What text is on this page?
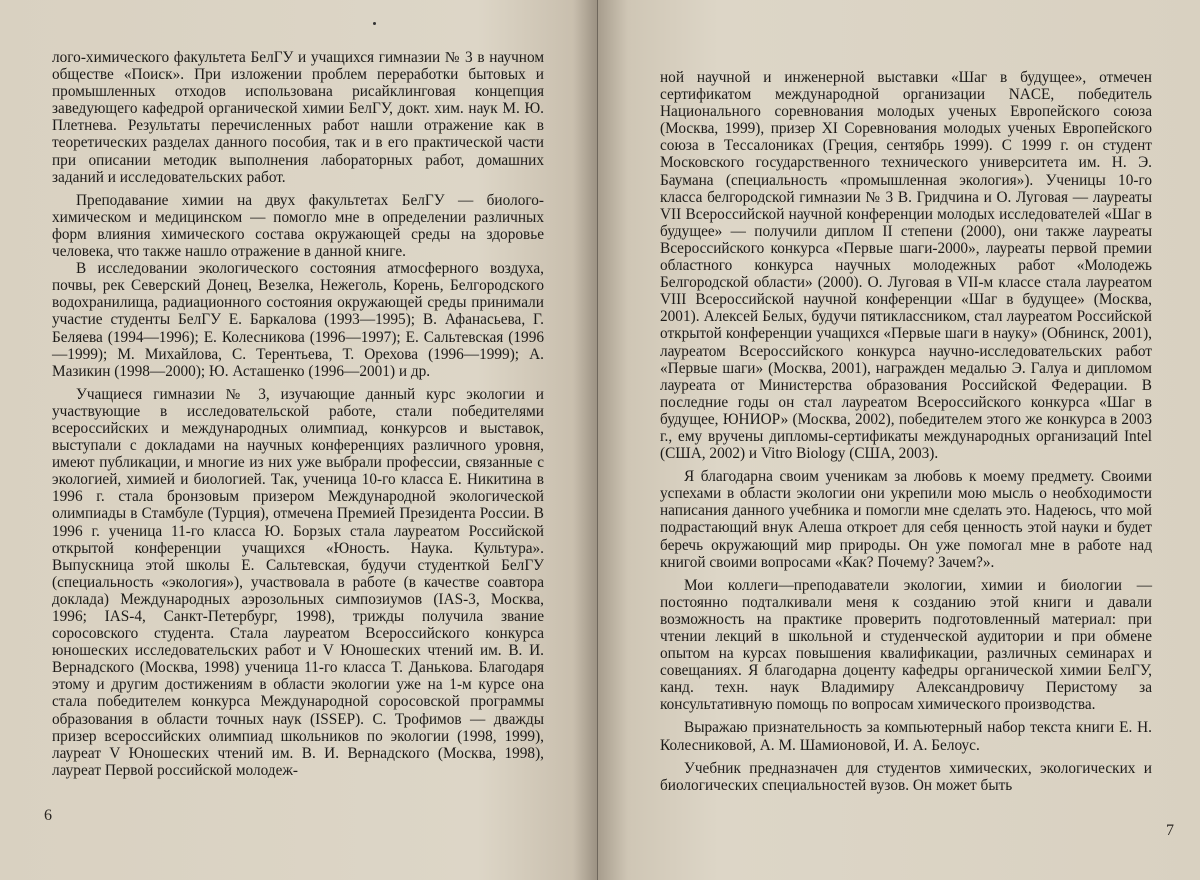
лого-химического факультета БелГУ и учащихся гимназии № 3 в научном обществе «Поиск». При изложении проблем переработки бытовых и промышленных отходов использована рисайклинговая концепция заведующего кафедрой органической химии БелГУ, докт. хим. наук М. Ю. Плетнева. Результаты перечисленных работ нашли отражение как в теоретических разделах данного пособия, так и в его практической части при описании методик выполнения лабораторных работ, домашних заданий и исследовательских работ.

Преподавание химии на двух факультетах БелГУ — биолого-химическом и медицинском — помогло мне в определении различных форм влияния химического состава окружающей среды на здоровье человека, что также нашло отражение в данной книге.

В исследовании экологического состояния атмосферного воздуха, почвы, рек Северский Донец, Везелка, Нежеголь, Корень, Белгородского водохранилища, радиационного состояния окружающей среды принимали участие студенты БелГУ Е. Баркалова (1993—1995); В. Афанасьева, Г. Беляева (1994—1996); Е. Колесникова (1996—1997); Е. Сальтевская (1996—1999); М. Михайлова, С. Терентьева, Т. Орехова (1996—1999); А. Мазикин (1998—2000); Ю. Асташенко (1996—2001) и др.

Учащиеся гимназии № 3, изучающие данный курс экологии и участвующие в исследовательской работе, стали победителями всероссийских и международных олимпиад, конкурсов и выставок, выступали с докладами на научных конференциях различного уровня, имеют публикации, и многие из них уже выбрали профессии, связанные с экологией, химией и биологией. Так, ученица 10-го класса Е. Никитина в 1996 г. стала бронзовым призером Международной экологической олимпиады в Стамбуле (Турция), отмечена Премией Президента России. В 1996 г. ученица 11-го класса Ю. Борзых стала лауреатом Российской открытой конференции учащихся «Юность. Наука. Культура». Выпускница этой школы Е. Сальтевская, будучи студенткой БелГУ (специальность «экология»), участвовала в работе (в качестве соавтора доклада) Международных аэрозольных симпозиумов (IAS-3, Москва, 1996; IAS-4, Санкт-Петербург, 1998), трижды получила звание соросовского студента. Стала лауреатом Всероссийского конкурса юношеских исследовательских работ и V Юношеских чтений им. В. И. Вернадского (Москва, 1998) ученица 11-го класса Т. Данькова. Благодаря этому и другим достижениям в области экологии уже на 1-м курсе она стала победителем конкурса Международной соросовской программы образования в области точных наук (ISSEP). С. Трофимов — дважды призер всероссийских олимпиад школьников по экологии (1998, 1999), лауреат V Юношеских чтений им. В. И. Вернадского (Москва, 1998), лауреат Первой российской молодеж-

6

ной научной и инженерной выставки «Шаг в будущее», отмечен сертификатом международной организации NACE, победитель Национального соревнования молодых ученых Европейского союза (Москва, 1999), призер XI Соревнования молодых ученых Европейского союза в Тессалониках (Греция, сентябрь 1999). С 1999 г. он студент Московского государственного технического университета им. Н. Э. Баумана (специальность «промышленная экология»). Ученицы 10-го класса белгородской гимназии № 3 В. Гридчина и О. Луговая — лауреаты VII Всероссийской научной конференции молодых исследователей «Шаг в будущее» — получили диплом II степени (2000), они также лауреаты Всероссийского конкурса «Первые шаги-2000», лауреаты первой премии областного конкурса научных молодежных работ «Молодежь Белгородской области» (2000). О. Луговая в VII-м классе стала лауреатом VIII Всероссийской научной конференции «Шаг в будущее» (Москва, 2001). Алексей Белых, будучи пятиклассником, стал лауреатом Российской открытой конференции учащихся «Первые шаги в науку» (Обнинск, 2001), лауреатом Всероссийского конкурса научно-исследовательских работ «Первые шаги» (Москва, 2001), награжден медалью Э. Галуа и дипломом лауреата от Министерства образования Российской Федерации. В последние годы он стал лауреатом Всероссийского конкурса «Шаг в будущее, ЮНИОР» (Москва, 2002), победителем этого же конкурса в 2003 г., ему вручены дипломы-сертификаты международных организаций Intel (США, 2002) и Vitro Biology (США, 2003).

Я благодарна своим ученикам за любовь к моему предмету. Своими успехами в области экологии они укрепили мою мысль о необходимости написания данного учебника и помогли мне сделать это. Надеюсь, что мой подрастающий внук Алеша откроет для себя ценность этой науки и будет беречь окружающий мир природы. Он уже помогал мне в работе над книгой своими вопросами «Как? Почему? Зачем?».

Мои коллеги—преподаватели экологии, химии и биологии — постоянно подталкивали меня к созданию этой книги и давали возможность на практике проверить подготовленный материал: при чтении лекций в школьной и студенческой аудитории и при обмене опытом на курсах повышения квалификации, различных семинарах и совещаниях. Я благодарна доценту кафедры органической химии БелГУ, канд. техн. наук Владимиру Александровичу Перистому за консультативную помощь по вопросам химического производства.

Выражаю признательность за компьютерный набор текста книги Е. Н. Колесниковой, А. М. Шамионовой, И. А. Белоус.

Учебник предназначен для студентов химических, экологических и биологических специальностей вузов. Он может быть

7
